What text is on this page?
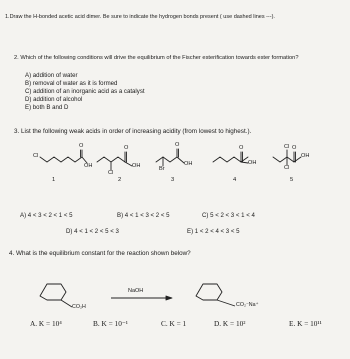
1.Draw the H-bonded acetic acid dimer. Be sure to indicate the hydrogen bonds present ( use dashed lines ---).
2. Which of the following conditions will drive the equilibrium of the Fischer esterification towards ester formation?
A) addition of water
B) removal of water as it is formed
C) addition of an inorganic acid as a catalyst
D) addition of alcohol
E) both B and D
3. List the following weak acids in order of increasing acidity (from lowest to highest.).
Cl
O
OH
Cl
O
OH	Br
O
OH
O
OH
Cl
Cl
O
OH
1	2	3	4	5
A) 4 < 3 < 2 < 1 < 5	B) 4 < 1 < 3 < 2 < 5	C) 5 < 2 < 3 < 1 < 4
D) 4 < 1 < 2 < 5 < 3	E) 1 < 2 < 4 < 3 < 5
4. What is the equilibrium constant for the reaction shown below?
CO₂H
NaOH
CO₂⁻Na⁺
A. K = 10⁴	B. K = 10⁻¹	C. K = 1	D. K = 10²	E. K = 10¹¹
